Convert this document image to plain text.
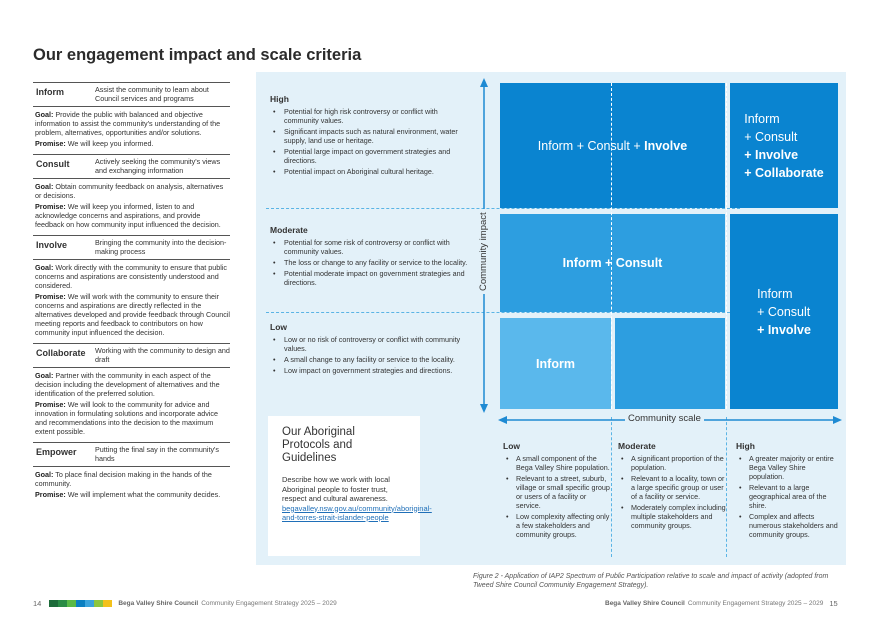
Our engagement impact and scale criteria
Inform	Assist the community to learn about Council services and programs

Goal: Provide the public with balanced and objective information to assist the community's understanding of the problem, alternatives, opportunities and/or solutions.

Promise: We will keep you informed.

Consult	Actively seeking the community's views and exchanging information

Goal: Obtain community feedback on analysis, alternatives or decisions.

Promise: We will keep you informed, listen to and acknowledge concerns and aspirations, and provide feedback on how community input influenced the decision.

Involve	Bringing the community into the decision-making process

Goal: Work directly with the community to ensure that public concerns and aspirations are consistently understood and considered.

Promise: We will work with the community to ensure their concerns and aspirations are directly reflected in the alternatives developed and provide feedback through Council meeting reports and feedback to contributors on how community input influenced the decision.

Collaborate	Working with the community to design and draft

Goal: Partner with the community in each aspect of the decision including the development of alternatives and the identification of the preferred solution.

Promise: We will look to the community for advice and innovation in formulating solutions and incorporate advice and recommendations into the decision to the maximum extent possible.

Empower	Putting the final say in the community's hands

Goal: To place final decision making in the hands of the community.

Promise: We will implement what the community decides.

High
• Potential for high risk controversy or conflict with community values.
• Significant impacts such as natural environment, water supply, land use or heritage.
• Potential large impact on government strategies and directions.
• Potential impact on Aboriginal cultural heritage.
Moderate
• Potential for some risk of controversy or conflict with community values.
• The loss or change to any facility or service to the locality.
• Potential moderate impact on government strategies and directions.
Low
• Low or no risk of controversy or conflict with community values.
• A small change to any facility or service to the locality.
• Low impact on government strategies and directions.
Inform + Consult + Involve
Inform
+ Consult
+ Involve
+ Collaborate
Inform + Consult
Inform
+ Consult
+ Involve
Inform
Community impact
Community scale
Low
• A small component of the Bega Valley Shire population.
• Relevant to a street, suburb, village or small specific group or users of a facility or service.
• Low complexity affecting only a few stakeholders and community groups.
Moderate
• A significant proportion of the population.
• Relevant to a locality, town or a large specific group or user of a facility or service.
• Moderately complex including multiple stakeholders and community groups.
High
• A greater majority or entire Bega Valley Shire population.
• Relevant to a large geographical area of the shire.
• Complex and affects numerous stakeholders and community groups.
Our Aboriginal
Protocols and
Guidelines
Describe how we work with local Aboriginal people to foster trust, respect and cultural awareness.
begavalley.nsw.gov.au/community/aboriginal-and-torres-strait-islander-people
Figure 2 - Application of IAP2 Spectrum of Public Participation relative to scale and impact of activity (adopted from Tweed Shire Council Community Engagement Strategy).
14	Bega Valley Shire Council Community Engagement Strategy 2025 – 2029	Bega Valley Shire Council Community Engagement Strategy 2025 – 2029 15
